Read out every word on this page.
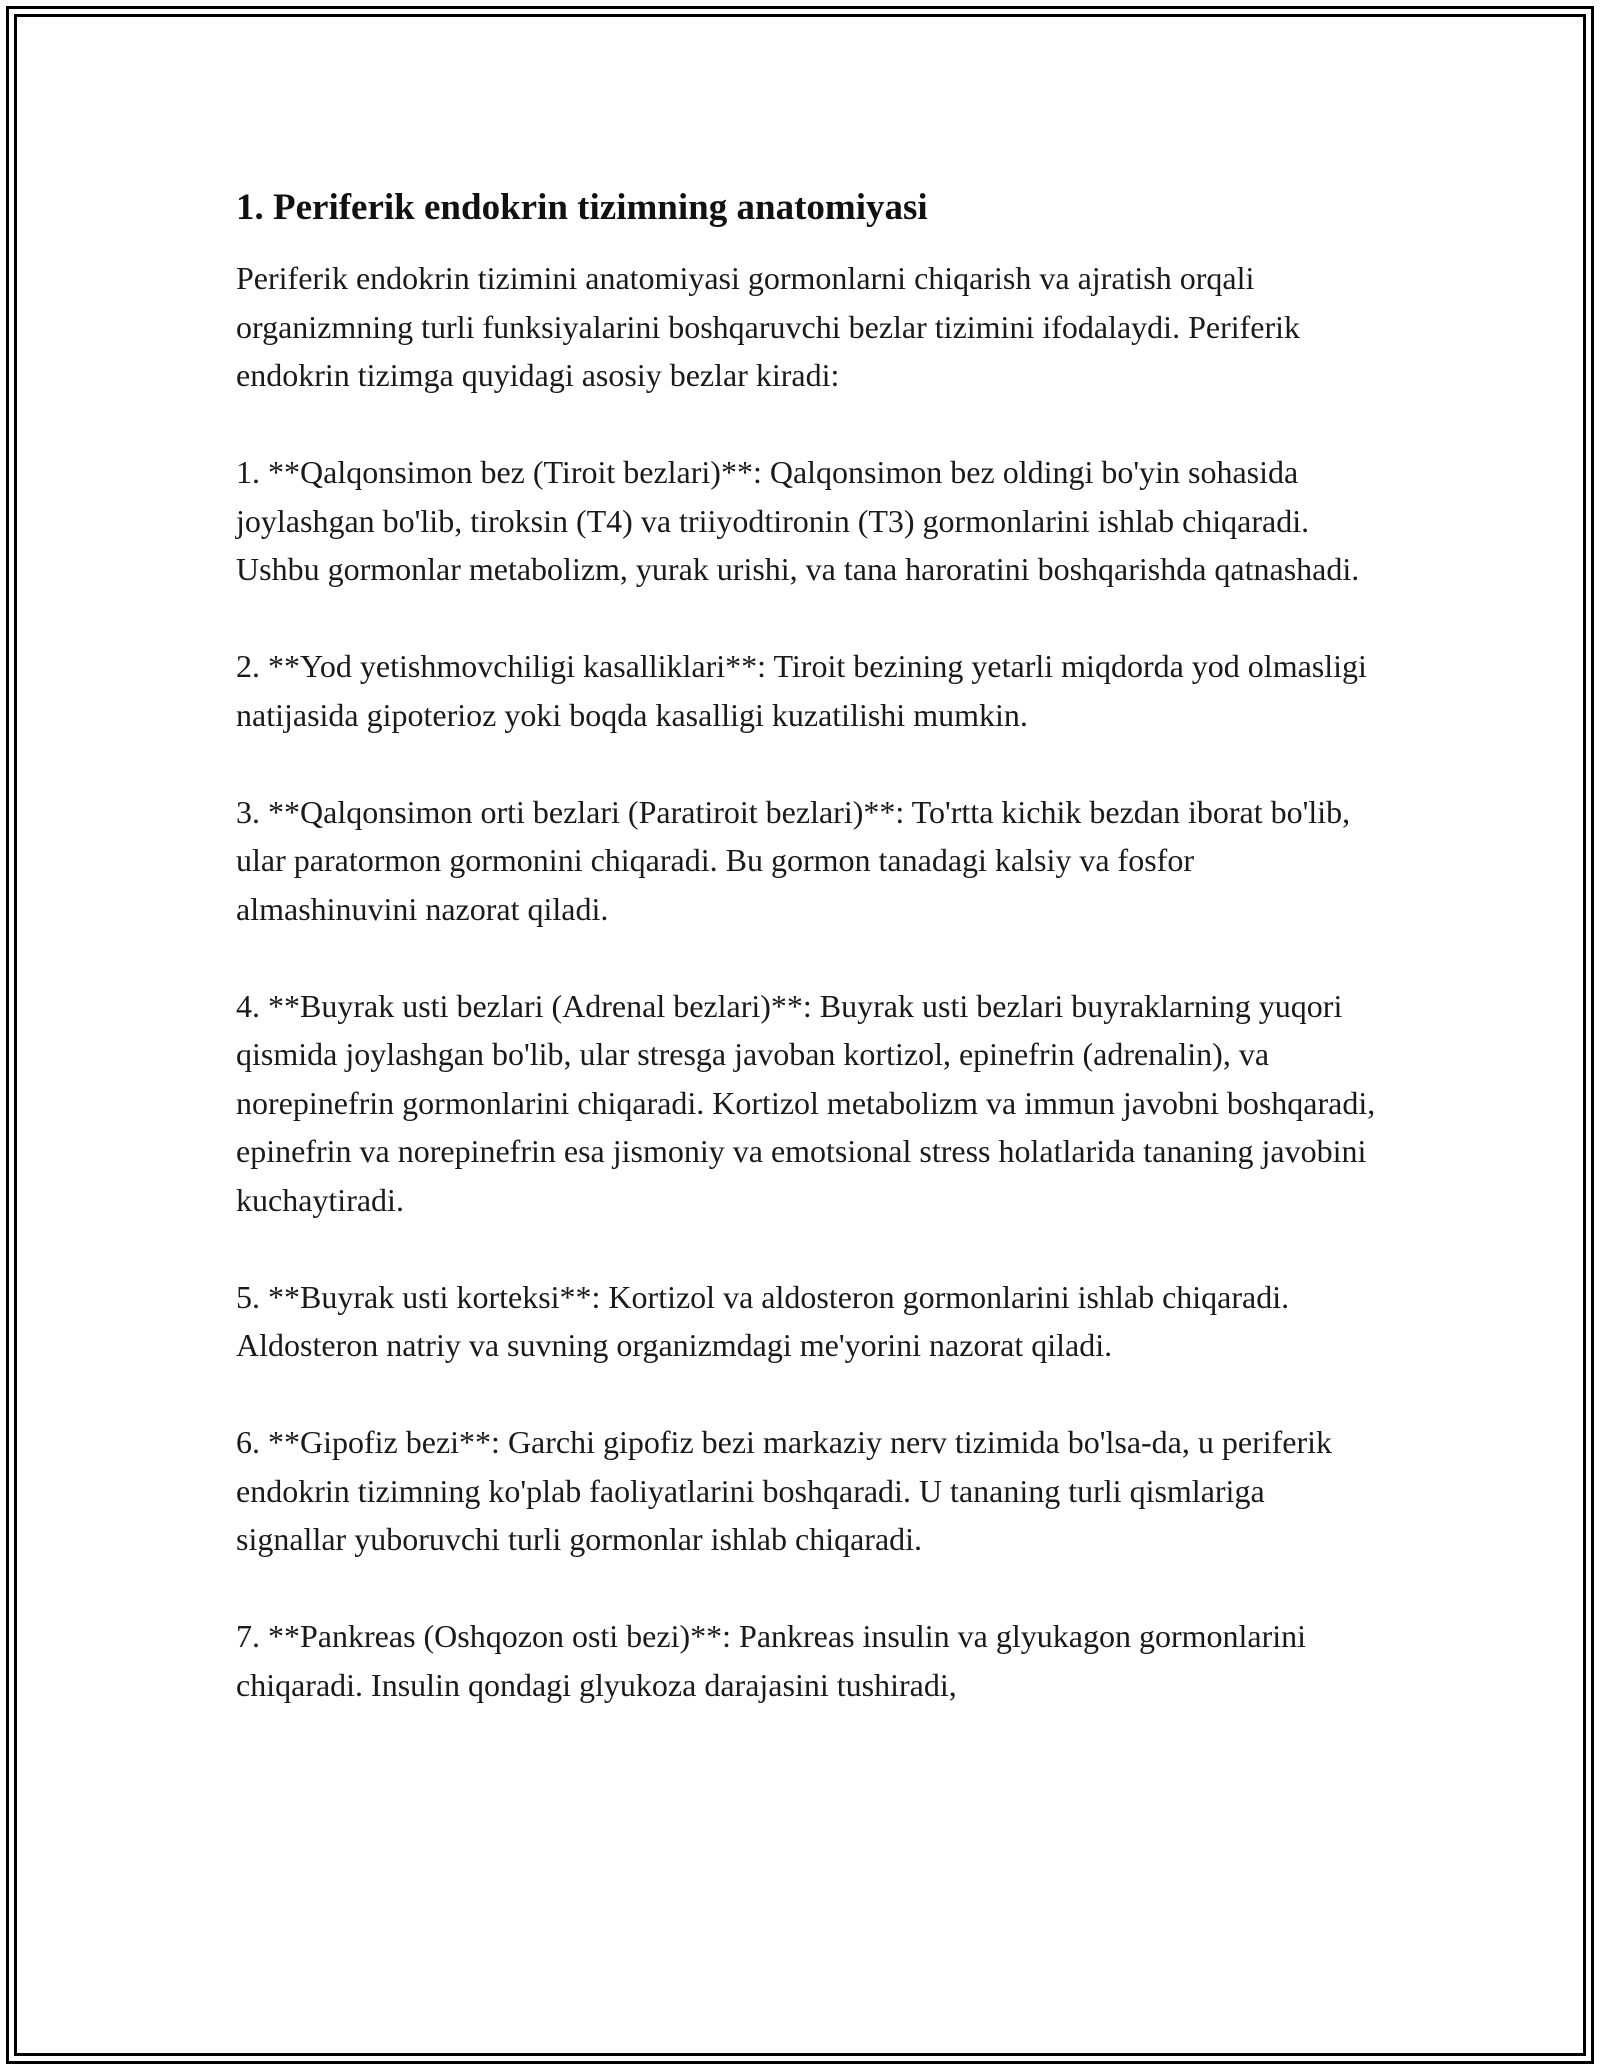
1. Periferik endokrin tizimning anatomiyasi

Periferik endokrin tizimini anatomiyasi gormonlarni chiqarish va ajratish orqali organizmning turli funksiyalarini boshqaruvchi bezlar tizimini ifodalaydi. Periferik endokrin tizimga quyidagi asosiy bezlar kiradi:

1. **Qalqonsimon bez (Tiroit bezlari)**: Qalqonsimon bez oldingi bo'yin sohasida joylashgan bo'lib, tiroksin (T4) va triiyodtironin (T3) gormonlarini ishlab chiqaradi. Ushbu gormonlar metabolizm, yurak urishi, va tana haroratini boshqarishda qatnashadi.

2. **Yod yetishmovchiligi kasalliklari**: Tiroit bezining yetarli miqdorda yod olmasligi natijasida gipoterioz yoki boqda kasalligi kuzatilishi mumkin.

3. **Qalqonsimon orti bezlari (Paratiroit bezlari)**: To'rtta kichik bezdan iborat bo'lib, ular paratormon gormonini chiqaradi. Bu gormon tanadagi kalsiy va fosfor almashinuvini nazorat qiladi.

4. **Buyrak usti bezlari (Adrenal bezlari)**: Buyrak usti bezlari buyraklarning yuqori qismida joylashgan bo'lib, ular stresga javoban kortizol, epinefrin (adrenalin), va norepinefrin gormonlarini chiqaradi. Kortizol metabolizm va immun javobni boshqaradi, epinefrin va norepinefrin esa jismoniy va emotsional stress holatlarida tananing javobini kuchaytiradi.

5. **Buyrak usti korteksi**: Kortizol va aldosteron gormonlarini ishlab chiqaradi. Aldosteron natriy va suvning organizmdagi me'yorini nazorat qiladi.

6. **Gipofiz bezi**: Garchi gipofiz bezi markaziy nerv tizimida bo'lsa-da, u periferik endokrin tizimning ko'plab faoliyatlarini boshqaradi. U tananing turli qismlariga signallar yuboruvchi turli gormonlar ishlab chiqaradi.

7. **Pankreas (Oshqozon osti bezi)**: Pankreas insulin va glyukagon gormonlarini chiqaradi. Insulin qondagi glyukoza darajasini tushiradi,
